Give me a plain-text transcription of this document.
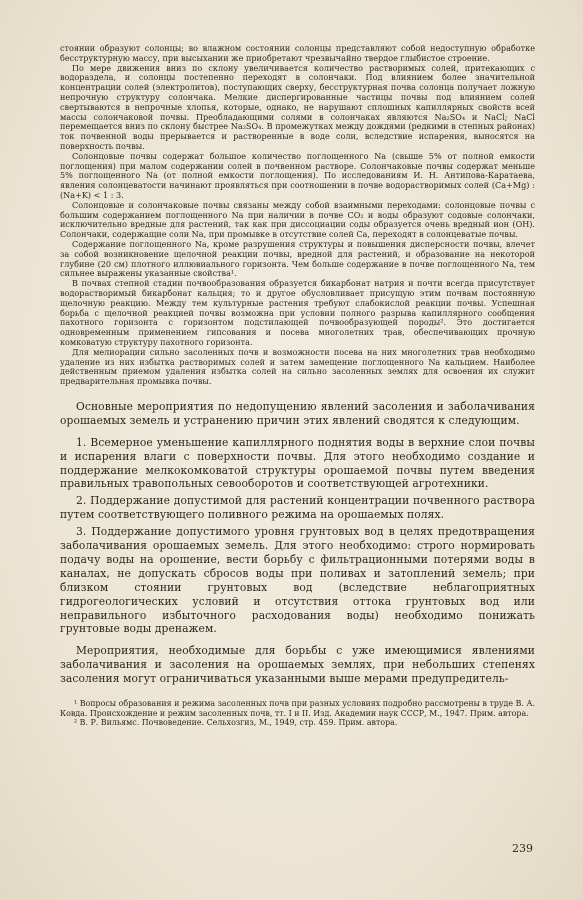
стоянии образуют солонцы; во влажном состоянии солонцы представляют собой недоступную обработке бесструктурную массу, при высыхании же приобретают чрезвычайно твердое глыбистое строение.

По мере движения вниз по склону увеличивается количество растворимых солей, притекающих с водораздела, и солонцы постепенно переходят в солончаки. Под влиянием более значительной концентрации солей (электролитов), поступающих сверху, бесструктурная почва солонца получает ложную непрочную структуру солончака. Мелкие диспергированные частицы почвы под влиянием солей свертываются в непрочные хлопья, которые, однако, не нарушают сплошных капиллярных свойств всей массы солончаковой почвы. Преобладающими солями в солончаках являются Na₂SO₄ и NaCl; NaCl перемещается вниз по склону быстрее Na₂SO₄. В промежутках между дождями (редкими в степных районах) ток почвенной воды прерывается и растворенные в воде соли, вследствие испарения, выносятся на поверхность почвы.

Солонцовые почвы содержат большое количество поглощенного Na (свыше 5% от полной емкости поглощения) при малом содержании солей в почвенном растворе. Солончаковые почвы содержат меньше 5% поглощенного Na (от полной емкости поглощения). По исследованиям И. Н. Антипова-Каратаева, явления солонцеватости начинают проявляться при соотношении в почве водорастворимых солей (Ca+Mg) : (Na+K) < 1 : 3.

Солонцовые и солончаковые почвы связаны между собой взаимными переходами: солонцовые почвы с большим содержанием поглощенного Na при наличии в почве CO₂ и воды образуют содовые солончаки, исключительно вредные для растений, так как при диссоциации соды образуется очень вредный ион (OH). Солончаки, содержащие соли Na, при промывке в отсутствие солей Ca, переходят в солонцеватые почвы.

Содержание поглощенного Na, кроме разрушения структуры и повышения дисперсности почвы, влечет за собой возникновение щелочной реакции почвы, вредной для растений, и образование на некоторой глубине (20 см) плотного иллювиального горизонта. Чем больше содержание в почве поглощенного Na, тем сильнее выражены указанные свойства¹.

В почвах степной стадии почвообразования образуется бикарбонат натрия и почти всегда присутствует водорастворимый бикарбонат кальция; то и другое обусловливает присущую этим почвам постоянную щелочную реакцию. Между тем культурные растения требуют слабокислой реакции почвы. Успешная борьба с щелочной реакцией почвы возможна при условии полного разрыва капиллярного сообщения пахотного горизонта с горизонтом подстилающей почвообразующей породы². Это достигается одновременным применением гипсования и посева многолетних трав, обеспечивающих прочную комковатую структуру пахотного горизонта.

Для мелиорации сильно засоленных почв и возможности посева на них многолетних трав необходимо удаление из них избытка растворимых солей и затем замещение поглощенного Na кальцием. Наиболее действенным приемом удаления избытка солей на сильно засоленных землях для освоения их служит предварительная промывка почвы.

Основные мероприятия по недопущению явлений засоления и заболачивания орошаемых земель и устранению причин этих явлений сводятся к следующим.

1. Всемерное уменьшение капиллярного поднятия воды в верхние слои почвы и испарения влаги с поверхности почвы. Для этого необходимо создание и поддержание мелкокомковатой структуры орошаемой почвы путем введения правильных травопольных севооборотов и соответствующей агротехники.

2. Поддержание допустимой для растений концентрации почвенного раствора путем соответствующего поливного режима на орошаемых полях.

3. Поддержание допустимого уровня грунтовых вод в целях предотвращения заболачивания орошаемых земель. Для этого необходимо: строго нормировать подачу воды на орошение, вести борьбу с фильтрационными потерями воды в каналах, не допускать сбросов воды при поливах и затоплений земель; при близком стоянии грунтовых вод (вследствие неблагоприятных гидрогеологических условий и отсутствия оттока грунтовых вод или неправильного избыточного расходования воды) необходимо понижать грунтовые воды дренажем.

Мероприятия, необходимые для борьбы с уже имеющимися явлениями заболачивания и засоления на орошаемых землях, при небольших степенях засоления могут ограничиваться указанными выше мерами предупредитель-

¹ Вопросы образования и режима засоленных почв при разных условиях подробно рассмотрены в труде В. А. Ковда. Происхождение и режим засоленных почв, тт. I и II. Изд. Академии наук СССР, М., 1947. Прим. автора.

² В. Р. Вильямс. Почвоведение. Сельхозгиз, М., 1949, стр. 459. Прим. автора.

239
